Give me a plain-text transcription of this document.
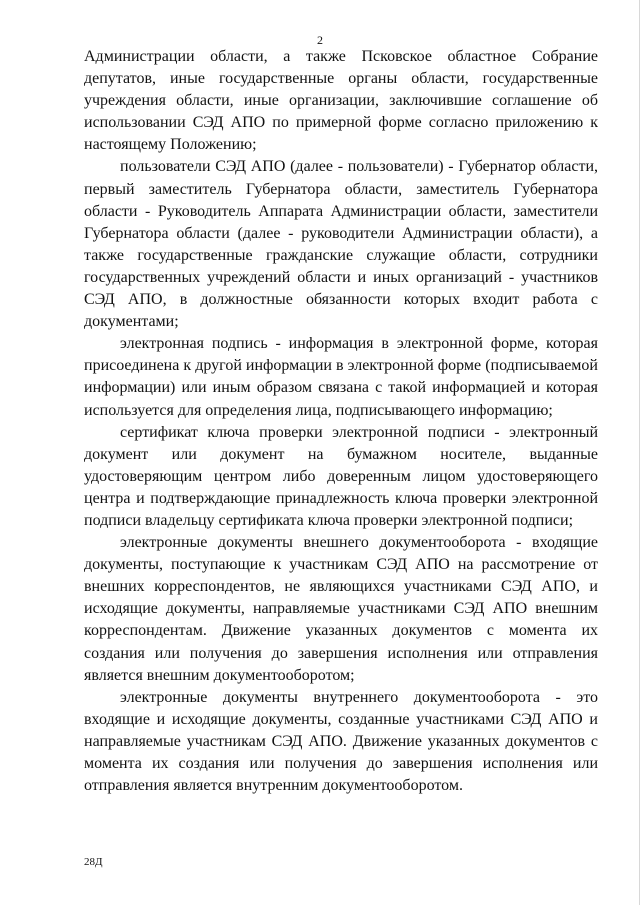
2

Администрации области, а также Псковское областное Собрание депутатов, иные государственные органы области, государственные учреждения области, иные организации, заключившие соглашение об использовании СЭД АПО по примерной форме согласно приложению к настоящему Положению;

пользователи СЭД АПО (далее - пользователи) - Губернатор области, первый заместитель Губернатора области, заместитель Губернатора области - Руководитель Аппарата Администрации области, заместители Губернатора области (далее - руководители Администрации области), а также государственные гражданские служащие области, сотрудники государственных учреждений области и иных организаций - участников СЭД АПО, в должностные обязанности которых входит работа с документами;

электронная подпись - информация в электронной форме, которая присоединена к другой информации в электронной форме (подписываемой информации) или иным образом связана с такой информацией и которая используется для определения лица, подписывающего информацию;

сертификат ключа проверки электронной подписи - электронный документ или документ на бумажном носителе, выданные удостоверяющим центром либо доверенным лицом удостоверяющего центра и подтверждающие принадлежность ключа проверки электронной подписи владельцу сертификата ключа проверки электронной подписи;

электронные документы внешнего документооборота - входящие документы, поступающие к участникам СЭД АПО на рассмотрение от внешних корреспондентов, не являющихся участниками СЭД АПО, и исходящие документы, направляемые участниками СЭД АПО внешним корреспондентам. Движение указанных документов с момента их создания или получения до завершения исполнения или отправления является внешним документооборотом;

электронные документы внутреннего документооборота - это входящие и исходящие документы, созданные участниками СЭД АПО и направляемые участникам СЭД АПО. Движение указанных документов с момента их создания или получения до завершения исполнения или отправления является внутренним документооборотом.

28Д
